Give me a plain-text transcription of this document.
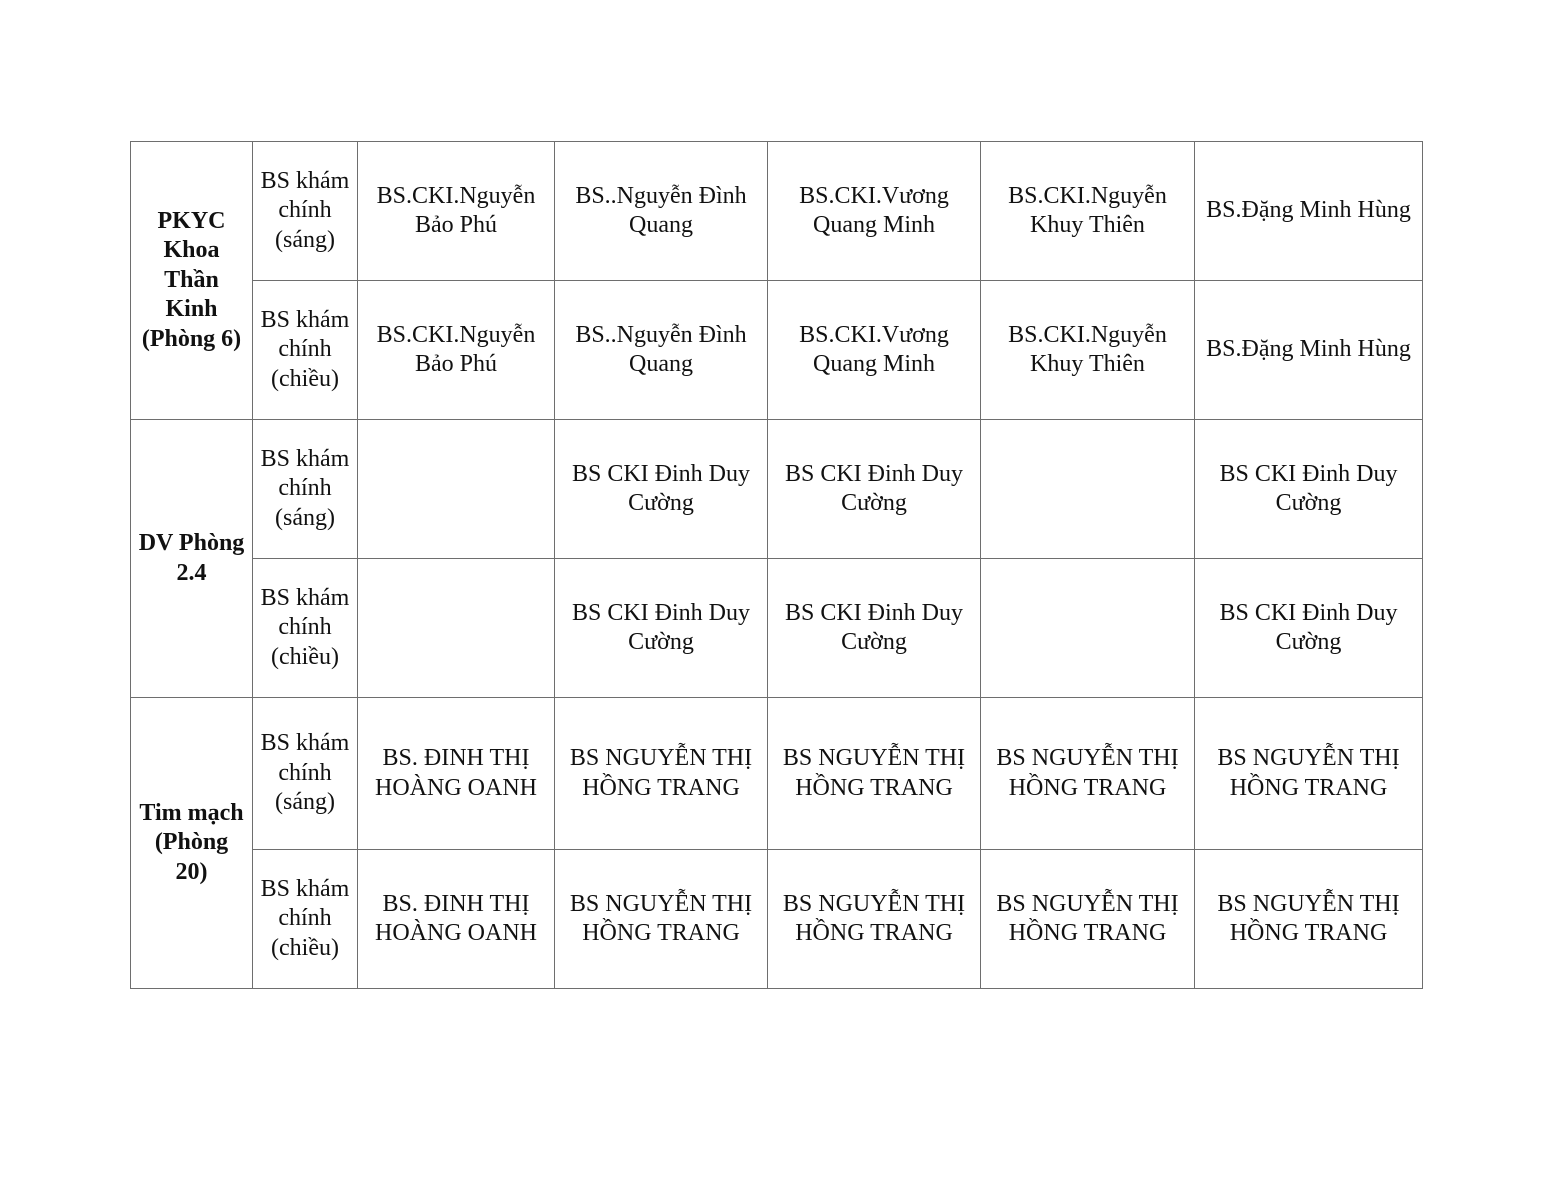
PKYC Khoa Thần Kinh (Phòng 6)	BS khám chính (sáng)	BS.CKI.Nguyễn Bảo Phú	BS..Nguyễn Đình Quang	BS.CKI.Vương Quang Minh	BS.CKI.Nguyễn Khuy Thiên	BS.Đặng Minh Hùng

	BS khám chính (chiều)	BS.CKI.Nguyễn Bảo Phú	BS..Nguyễn Đình Quang	BS.CKI.Vương Quang Minh	BS.CKI.Nguyễn Khuy Thiên	BS.Đặng Minh Hùng

DV Phòng 2.4	BS khám chính (sáng)		BS CKI Đinh Duy Cường	BS CKI Đinh Duy Cường		BS CKI Đinh Duy Cường

	BS khám chính (chiều)		BS CKI Đinh Duy Cường	BS CKI Đinh Duy Cường		BS CKI Đinh Duy Cường

Tim mạch (Phòng 20)	BS khám chính (sáng)	BS. ĐINH THỊ HOÀNG OANH	BS NGUYỄN THỊ HỒNG TRANG	BS NGUYỄN THỊ HỒNG TRANG	BS NGUYỄN THỊ HỒNG TRANG	BS NGUYỄN THỊ HỒNG TRANG

	BS khám chính (chiều)	BS. ĐINH THỊ HOÀNG OANH	BS NGUYỄN THỊ HỒNG TRANG	BS NGUYỄN THỊ HỒNG TRANG	BS NGUYỄN THỊ HỒNG TRANG	BS NGUYỄN THỊ HỒNG TRANG
